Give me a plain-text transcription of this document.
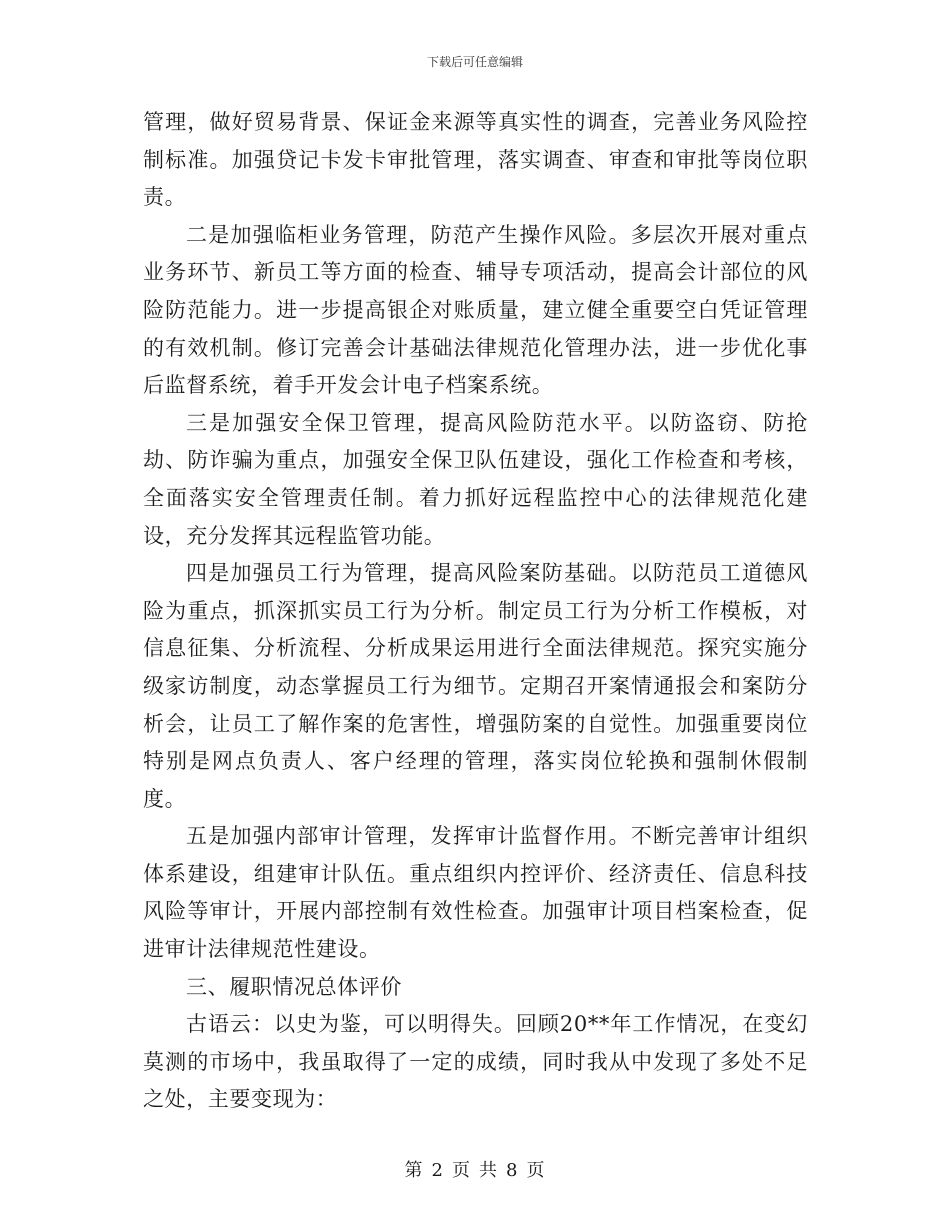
下载后可任意编辑

管理，做好贸易背景、保证金来源等真实性的调查，完善业务风险控制标准。加强贷记卡发卡审批管理，落实调查、审查和审批等岗位职责。

二是加强临柜业务管理，防范产生操作风险。多层次开展对重点业务环节、新员工等方面的检查、辅导专项活动，提高会计部位的风险防范能力。进一步提高银企对账质量，建立健全重要空白凭证管理的有效机制。修订完善会计基础法律规范化管理办法，进一步优化事后监督系统，着手开发会计电子档案系统。

三是加强安全保卫管理，提高风险防范水平。以防盗窃、防抢劫、防诈骗为重点，加强安全保卫队伍建设，强化工作检查和考核，全面落实安全管理责任制。着力抓好远程监控中心的法律规范化建设，充分发挥其远程监管功能。

四是加强员工行为管理，提高风险案防基础。以防范员工道德风险为重点，抓深抓实员工行为分析。制定员工行为分析工作模板，对信息征集、分析流程、分析成果运用进行全面法律规范。探究实施分级家访制度，动态掌握员工行为细节。定期召开案情通报会和案防分析会，让员工了解作案的危害性，增强防案的自觉性。加强重要岗位特别是网点负责人、客户经理的管理，落实岗位轮换和强制休假制度。

五是加强内部审计管理，发挥审计监督作用。不断完善审计组织体系建设，组建审计队伍。重点组织内控评价、经济责任、信息科技风险等审计，开展内部控制有效性检查。加强审计项目档案检查，促进审计法律规范性建设。

三、履职情况总体评价

古语云：以史为鉴，可以明得失。回顾20**年工作情况，在变幻莫测的市场中，我虽取得了一定的成绩，同时我从中发现了多处不足之处，主要变现为：

第 2 页 共 8 页
